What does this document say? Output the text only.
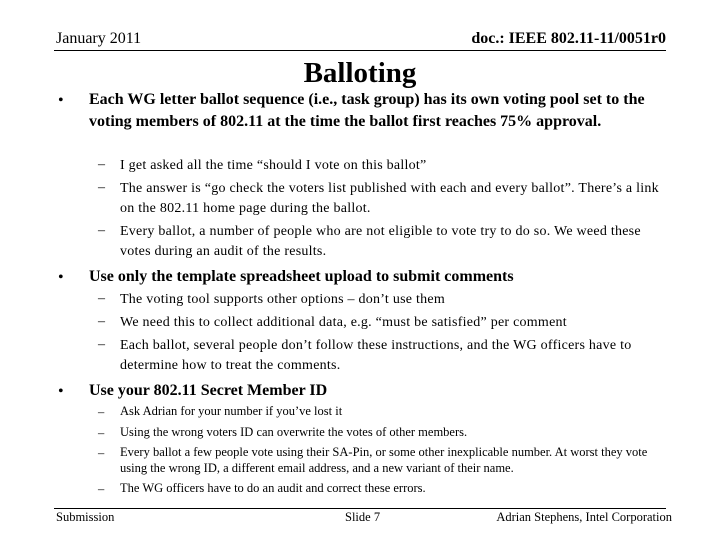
January 2011	doc.: IEEE 802.11-11/0051r0
Balloting
• Each WG letter ballot sequence (i.e., task group) has its own voting pool set to the voting members of 802.11 at the time the ballot first reaches 75% approval.
– I get asked all the time “should I vote on this ballot”
– The answer is “go check the voters list published with each and every ballot”. There’s a link on the 802.11 home page during the ballot.
– Every ballot, a number of people who are not eligible to vote try to do so. We weed these votes during an audit of the results.
• Use only the template spreadsheet upload to submit comments
– The voting tool supports other options – don’t use them
– We need this to collect additional data, e.g. “must be satisfied” per comment
– Each ballot, several people don’t follow these instructions, and the WG officers have to determine how to treat the comments.
• Use your 802.11 Secret Member ID
– Ask Adrian for your number if you’ve lost it
– Using the wrong voters ID can overwrite the votes of other members.
– Every ballot a few people vote using their SA-Pin, or some other inexplicable number. At worst they vote using the wrong ID, a different email address, and a new variant of their name.
– The WG officers have to do an audit and correct these errors.
Submission	Slide 7	Adrian Stephens, Intel Corporation
